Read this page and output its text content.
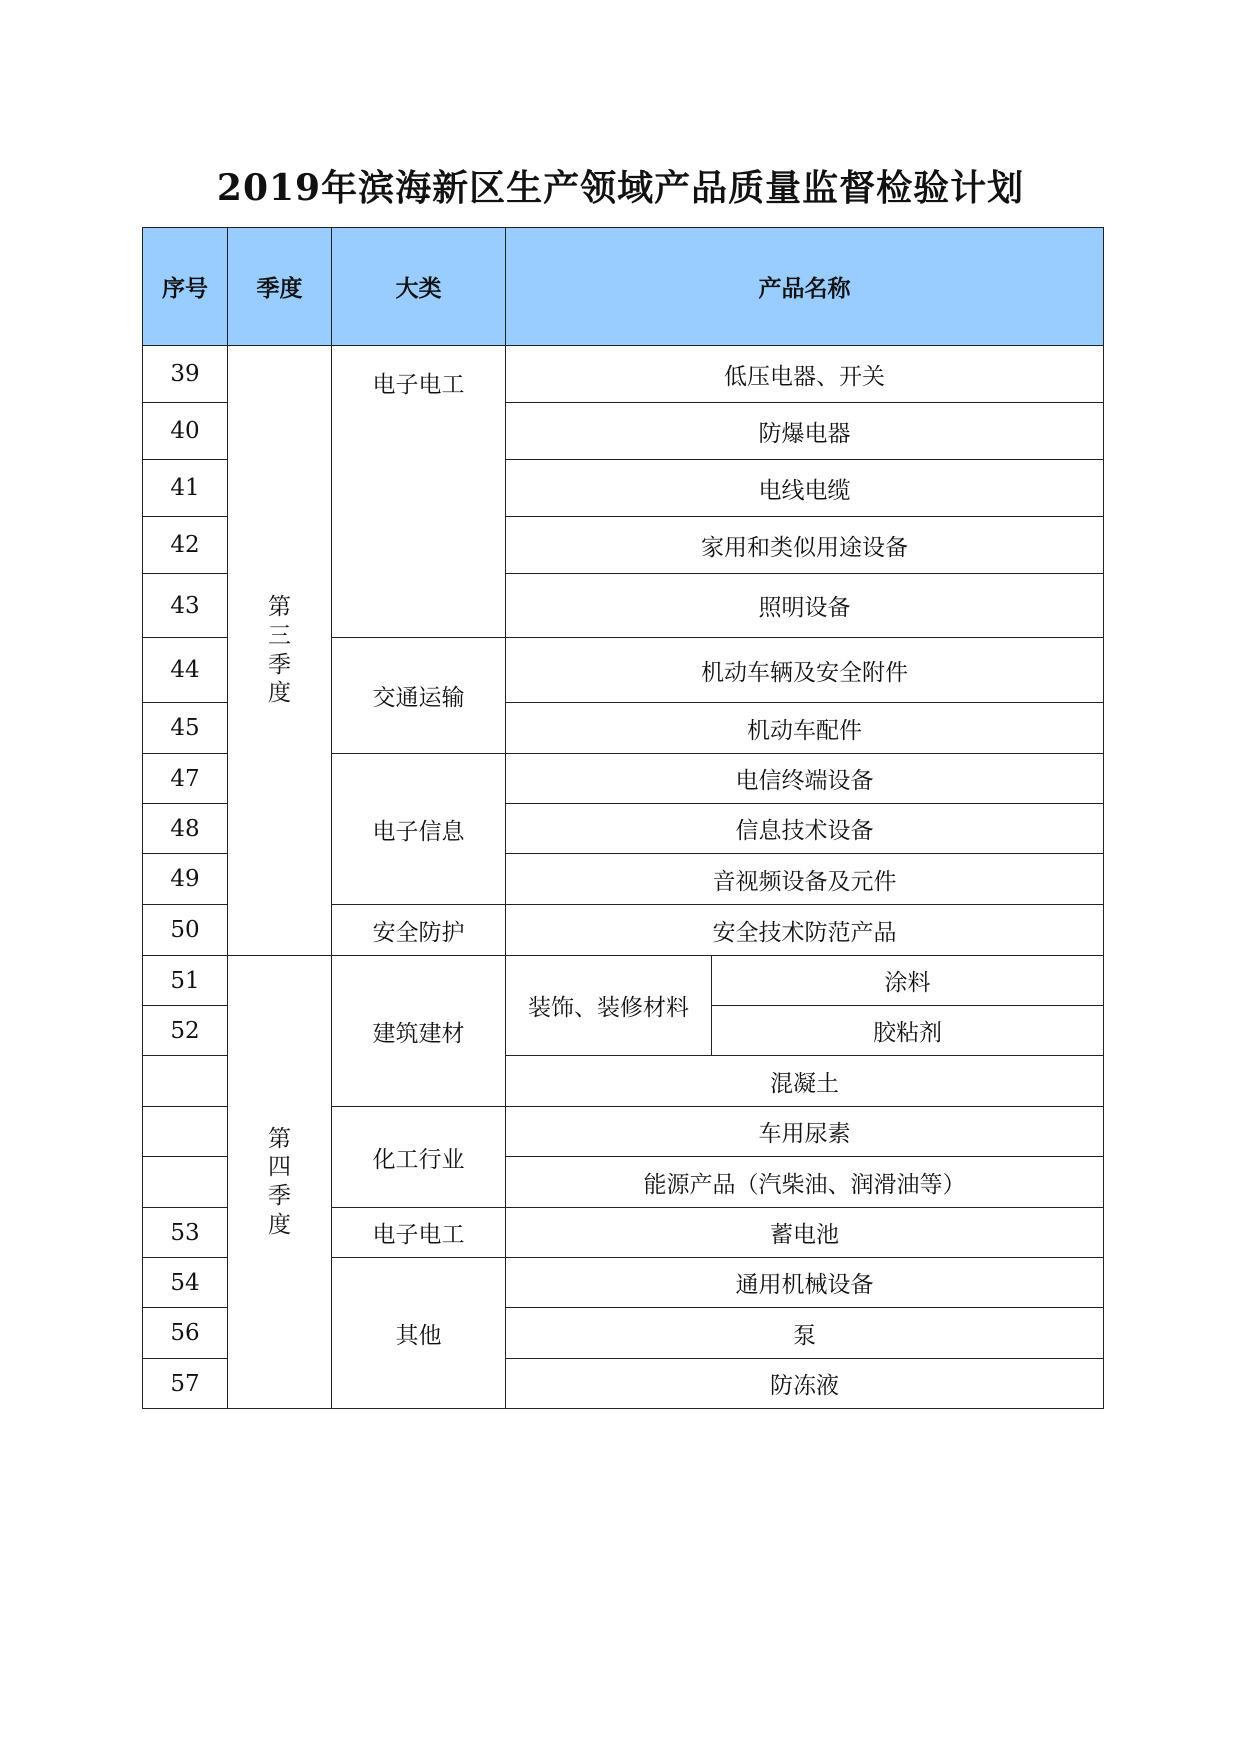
2019年滨海新区生产领域产品质量监督检验计划
序号	季度	大类	产品名称	
39	第三季度	电子电工	低压电器、开关	
40			防爆电器	
41			电线电缆	
42			家用和类似用途设备	
43			照明设备	
44		交通运输	机动车辆及安全附件	
45			机动车配件	
47		电子信息	电信终端设备	
48			信息技术设备	
49			音视频设备及元件	
50		安全防护	安全技术防范产品	
51	第四季度	建筑建材	装饰、装修材料	涂料
52				胶粘剂
			混凝土	
		化工行业	车用尿素	
			能源产品（汽柴油、润滑油等）	
53		电子电工	蓄电池	
54		其他	通用机械设备	
56			泵	
57			防冻液	
